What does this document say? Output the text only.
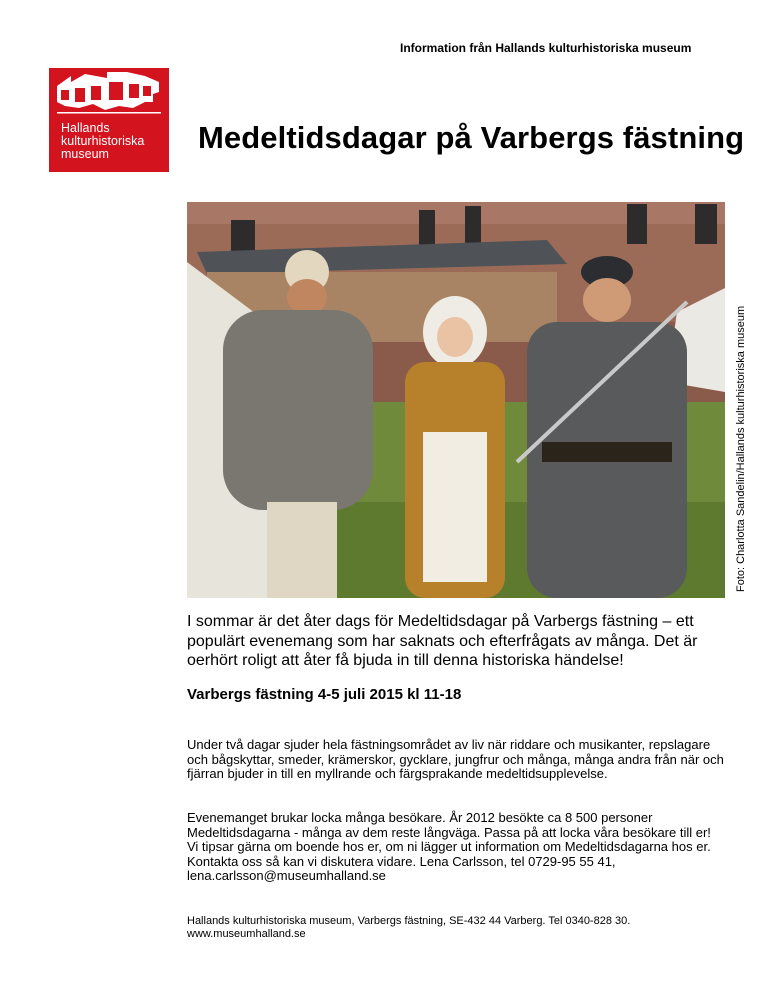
Information från Hallands kulturhistoriska museum
Hallands
kulturhistoriska
museum	Medeltidsdagar på Varbergs fästning
Foto: Charlotta Sandelin/Hallands kulturhistoriska museum
I sommar är det åter dags för Medeltidsdagar på Varbergs fästning – ett populärt evenemang som har saknats och efterfrågats av många. Det är oerhört roligt att åter få bjuda in till denna historiska händelse!
Varbergs fästning 4-5 juli 2015 kl 11-18
Under två dagar sjuder hela fästningsområdet av liv när riddare och musikanter, repslagare och bågskyttar, smeder, krämerskor, gycklare, jungfrur och många, många andra från när och fjärran bjuder in till en myllrande och färgsprakande medeltidsupplevelse.
Evenemanget brukar locka många besökare. År 2012 besökte ca 8 500 personer Medeltidsdagarna - många av dem reste långväga. Passa på att locka våra besökare till er!
Vi tipsar gärna om boende hos er, om ni lägger ut information om Medeltidsdagarna hos er. Kontakta oss så kan vi diskutera vidare. Lena Carlsson, tel 0729-95 55 41, lena.carlsson@museumhalland.se
Hallands kulturhistoriska museum, Varbergs fästning, SE-432 44 Varberg. Tel 0340-828 30.
www.museumhalland.se
